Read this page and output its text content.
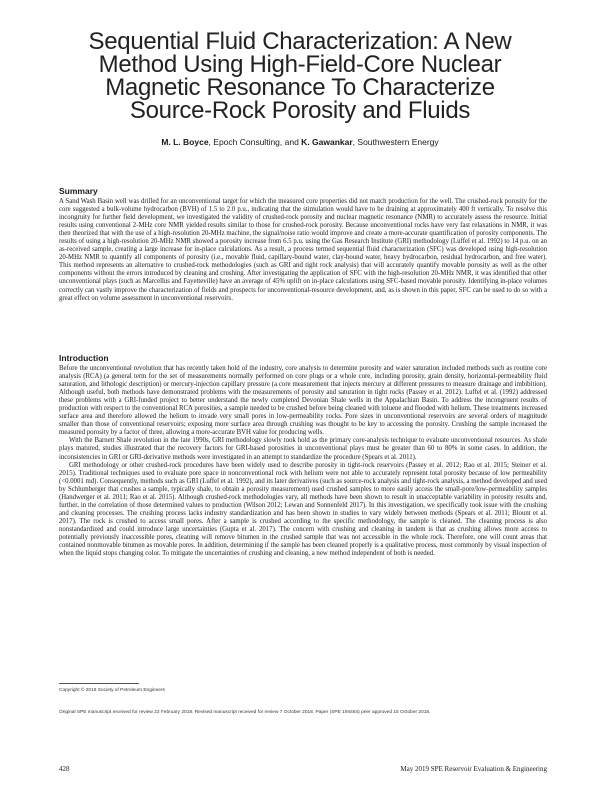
Sequential Fluid Characterization: A New
Method Using High-Field-Core Nuclear
Magnetic Resonance To Characterize
Source-Rock Porosity and Fluids
M. L. Boyce, Epoch Consulting, and K. Gawankar, Southwestern Energy
Summary

A Sand Wash Basin well was drilled for an unconventional target for which the measured core properties did not match production for the well. The crushed-rock porosity for the core suggested a bulk-volume hydrocarbon (BVH) of 1.5 to 2.0 p.u., indicating that the stimulation would have to be draining at approximately 400 ft vertically. To resolve this incongruity for further field development, we investigated the validity of crushed-rock porosity and nuclear magnetic resonance (NMR) to accurately assess the resource. Initial results using conventional 2-MHz core NMR yielded results similar to those for crushed-rock porosity. Because unconventional rocks have very fast relaxations in NMR, it was then theorized that with the use of a high-resolution 20-MHz machine, the signal/noise ratio would improve and create a more-accurate quantification of porosity components. The results of using a high-resolution 20-MHz NMR showed a porosity increase from 6.5 p.u. using the Gas Research Institute (GRI) methodology (Luffel et al. 1992) to 14 p.u. on an as-received sample, creating a large increase for in-place calculations. As a result, a process termed sequential fluid characterization (SFC) was developed using high-resolution 20-MHz NMR to quantify all components of porosity (i.e., movable fluid, capillary-bound water, clay-bound water, heavy hydrocarbon, residual hydrocarbon, and free water). This method represents an alternative to crushed-rock methodologies (such as GRI and tight rock analysis) that will accurately quantify movable porosity as well as the other components without the errors introduced by cleaning and crushing. After investigating the application of SFC with the high-resolution 20-MHz NMR, it was identified that other unconventional plays (such as Marcellus and Fayetteville) have an average of 45% uplift on in-place calculations using SFC-based movable porosity. Identifying in-place volumes correctly can vastly improve the characterization of fields and prospects for unconventional-resource development, and, as is shown in this paper, SFC can be used to do so with a great effect on volume assessment in unconventional reservoirs.

Introduction

Before the unconventional revolution that has recently taken hold of the industry, core analysis to determine porosity and water saturation included methods such as routine core analysis (RCA) (a general term for the set of measurements normally performed on core plugs or a whole core, including porosity, grain density, horizontal-permeability fluid saturation, and lithologic description) or mercury-injection capillary pressure (a core measurement that injects mercury at different pressures to measure drainage and imbibition). Although useful, both methods have demonstrated problems with the measurements of porosity and saturation in tight rocks (Passey et al. 2012). Luffel et al. (1992) addressed these problems with a GRI-funded project to better understand the newly completed Devonian Shale wells in the Appalachian Basin. To address the incongruent results of production with respect to the conventional RCA porosities, a sample needed to be crushed before being cleaned with toluene and flooded with helium. These treatments increased surface area and therefore allowed the helium to invade very small pores in low-permeability rocks. Pore sizes in unconventional reservoirs are several orders of magnitude smaller than those of conventional reservoirs; exposing more surface area through crushing was thought to be key to accessing the porosity. Crushing the sample increased the measured porosity by a factor of three, allowing a more-accurate BVH value for producing wells.

With the Barnett Shale revolution in the late 1990s, GRI methodology slowly took hold as the primary core-analysis technique to evaluate unconventional resources. As shale plays matured, studies illustrated that the recovery factors for GRI-based porosities in unconventional plays must be greater than 60 to 80% in some cases. In addition, the inconsistencies in GRI or GRI-derivative methods were investigated in an attempt to standardize the procedure (Spears et al. 2011).

GRI methodology or other crushed-rock procedures have been widely used to describe porosity in tight-rock reservoirs (Passey et al. 2012; Rao et al. 2015; Steiner et al. 2015). Traditional techniques used to evaluate pore space in nonconventional rock with helium were not able to accurately represent total porosity because of low permeability (<0.0001 md). Consequently, methods such as GRI (Luffel et al. 1992), and its later derivatives (such as source-rock analysis and tight-rock analysis, a method developed and used by Schlumberger that crushes a sample, typically shale, to obtain a porosity measurement) used crushed samples to more easily access the small-pore/low-permeability samples (Handwerger et al. 2011; Rao et al. 2015). Although crushed-rock methodologies vary, all methods have been shown to result in unacceptable variability in porosity results and, further, in the correlation of those determined values to production (Wilson 2012; Lewan and Sonnenfeld 2017). In this investigation, we specifically took issue with the crushing and cleaning processes. The crushing process lacks industry standardization and has been shown in studies to vary widely between methods (Spears et al. 2011; Blount et al. 2017). The rock is crushed to access small pores. After a sample is crushed according to the specific methodology, the sample is cleaned. The cleaning process is also nonstandardized and could introduce large uncertainties (Gupta et al. 2017). The concern with crushing and cleaning in tandem is that as crushing allows more access to potentially previously inaccessible pores, cleaning will remove bitumen in the crushed sample that was not accessible in the whole rock. Therefore, one will count areas that contained nonmovable bitumen as movable pores. In addition, determining if the sample has been cleaned properly is a qualitative process, most commonly by visual inspection of when the liquid stops changing color. To mitigate the uncertainties of crushing and cleaning, a new method independent of both is needed.

Copyright © 2019 Society of Petroleum Engineers
Original SPE manuscript received for review 22 February 2018. Revised manuscript received for review 7 October 2018. Paper (SPE 194484) peer approved 15 October 2018.
428	May 2019 SPE Reservoir Evaluation & Engineering
